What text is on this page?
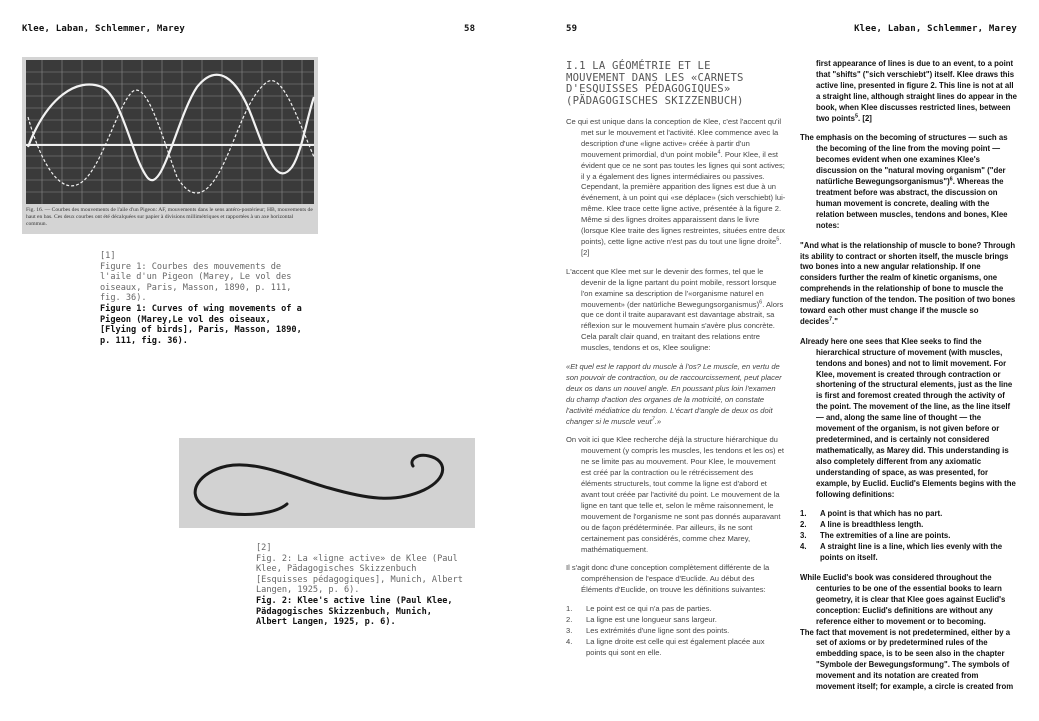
Klee, Laban, Schlemmer, Marey	58	59	Klee, Laban, Schlemmer, Marey
Fig. 16. — Courbes des mouvements de l'aile d'un Pigeon: AF, mouvements dans le sens antéro-postérieur; HB, mouvements de haut en bas. Ces deux courbes ont été décalquées sur papier à divisions millimétriques et rapportées à un axe horizontal commun.
[1]
Figure 1: Courbes des mouvements de l'aile d'un Pigeon (Marey, Le vol des oiseaux, Paris, Masson, 1890, p. 111, fig. 36).
Figure 1: Curves of wing movements of a Pigeon (Marey,Le vol des oiseaux, [Flying of birds], Paris, Masson, 1890, p. 111, fig. 36).
[2]
Fig. 2: La «ligne active» de Klee (Paul Klee, Pädagogisches Skizzenbuch [Esquisses pédagogiques], Munich, Albert Langen, 1925, p. 6).
Fig. 2: Klee's active line (Paul Klee, Pädagogisches Skizzenbuch, Munich, Albert Langen, 1925, p. 6).
I.1 LA GÉOMÉTRIE ET LE MOUVEMENT DANS LES «CARNETS D'ESQUISSES PÉDAGOGIQUES» (PÄDAGOGISCHES SKIZZENBUCH)

Ce qui est unique dans la conception de Klee, c'est l'accent qu'il met sur le mouvement et l'activité. Klee commence avec la description d'une «ligne active» créée à partir d'un mouvement primordial, d'un point mobile$^4$. Pour Klee, il est évident que ce ne sont pas toutes les lignes qui sont actives; il y a également des lignes intermédiaires ou passives. Cependant, la première apparition des lignes est due à un événement, à un point qui «se déplace» (sich verschiebt) lui-même. Klee trace cette ligne active, présentée à la figure 2. Même si des lignes droites apparaissent dans le livre (lorsque Klee traite des lignes restreintes, situées entre deux points), cette ligne active n'est pas du tout une ligne droite$^5$. [2]

L'accent que Klee met sur le devenir des formes, tel que le devenir de la ligne partant du point mobile, ressort lorsque l'on examine sa description de l'«organisme naturel en mouvement» (der natürliche Bewegungsorganismus)$^6$. Alors que ce dont il traite auparavant est davantage abstrait, sa réflexion sur le mouvement humain s'avère plus concrète. Cela paraît clair quand, en traitant des relations entre muscles, tendons et os, Klee souligne:

«Et quel est le rapport du muscle à l'os? Le muscle, en vertu de son pouvoir de contraction, ou de raccourcissement, peut placer deux os dans un nouvel angle. En poussant plus loin l'examen du champ d'action des organes de la motricité, on constate l'activité médiatrice du tendon. L'écart d'angle de deux os doit changer si le muscle veut$^7$.»

On voit ici que Klee recherche déjà la structure hiérarchique du mouvement (y compris les muscles, les tendons et les os) et ne se limite pas au mouvement. Pour Klee, le mouvement est créé par la contraction ou le rétrécissement des éléments structurels, tout comme la ligne est d'abord et avant tout créée par l'activité du point. Le mouvement de la ligne en tant que telle et, selon le même raisonnement, le mouvement de l'organisme ne sont pas donnés auparavant ou de façon prédéterminée. Par ailleurs, ils ne sont certainement pas considérés, comme chez Marey, mathématiquement.

Il s'agit donc d'une conception complètement différente de la compréhension de l'espace d'Euclide. Au début des Éléments d'Euclide, on trouve les définitions suivantes:

1. Le point est ce qui n'a pas de parties.
2. La ligne est une longueur sans largeur.
3. Les extrémités d'une ligne sont des points.
4. La ligne droite est celle qui est également placée aux points qui sont en elle.

first appearance of lines is due to an event, to a point that "shifts" ("sich verschiebt") itself. Klee draws this active line, presented in figure 2. This line is not at all a straight line, although straight lines do appear in the book, when Klee discusses restricted lines, between two points$^5$. [2]

The emphasis on the becoming of structures — such as the becoming of the line from the moving point — becomes evident when one examines Klee's discussion on the "natural moving organism" ("der natürliche Bewegungsorganismus")$^6$. Whereas the treatment before was abstract, the discussion on human movement is concrete, dealing with the relation between muscles, tendons and bones, Klee notes:

"And what is the relationship of muscle to bone? Through its ability to contract or shorten itself, the muscle brings two bones into a new angular relationship. If one considers further the realm of kinetic organisms, one comprehends in the relationship of bone to muscle the mediary function of the tendon. The position of two bones toward each other must change if the muscle so decides$^7$."

Already here one sees that Klee seeks to find the hierarchical structure of movement (with muscles, tendons and bones) and not to limit movement. For Klee, movement is created through contraction or shortening of the structural elements, just as the line is first and foremost created through the activity of the point. The movement of the line, as the line itself — and, along the same line of thought — the movement of the organism, is not given before or predetermined, and is certainly not considered mathematically, as Marey did. This understanding is also completely different from any axiomatic understanding of space, as was presented, for example, by Euclid. Euclid's Elements begins with the following definitions:

1. A point is that which has no part.
2. A line is breadthless length.
3. The extremities of a line are points.
4. A straight line is a line, which lies evenly with the points on itself.

While Euclid's book was considered throughout the centuries to be one of the essential books to learn geometry, it is clear that Klee goes against Euclid's conception: Euclid's definitions are without any reference either to movement or to becoming.

The fact that movement is not predetermined, either by a set of axioms or by predetermined rules of the embedding space, is to be seen also in the chapter "Symbole der Bewegungsformung". The symbols of movement and its notation are created from movement itself; for example, a circle is created from
